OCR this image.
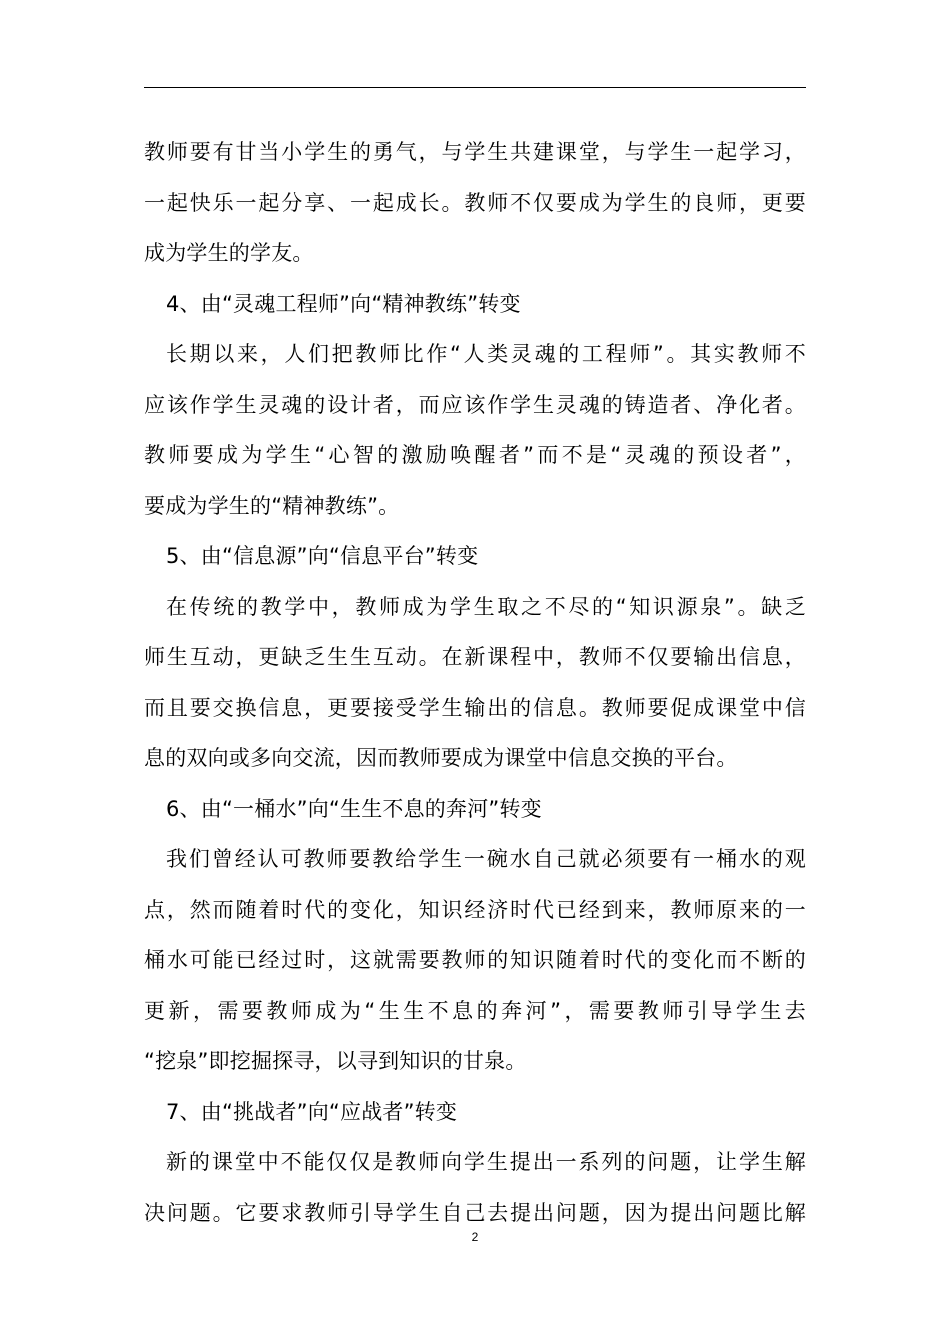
教师要有甘当小学生的勇气，与学生共建课堂，与学生一起学习，
一起快乐一起分享、一起成长。教师不仅要成为学生的良师，更要
成为学生的学友。
4、由“灵魂工程师”向“精神教练”转变
长期以来，人们把教师比作“人类灵魂的工程师”。其实教师不
应该作学生灵魂的设计者，而应该作学生灵魂的铸造者、净化者。
教师要成为学生“心智的激励唤醒者”而不是“灵魂的预设者”，
要成为学生的“精神教练”。
5、由“信息源”向“信息平台”转变
在传统的教学中，教师成为学生取之不尽的“知识源泉”。缺乏
师生互动，更缺乏生生互动。在新课程中，教师不仅要输出信息，
而且要交换信息，更要接受学生输出的信息。教师要促成课堂中信
息的双向或多向交流，因而教师要成为课堂中信息交换的平台。
6、由“一桶水”向“生生不息的奔河”转变
我们曾经认可教师要教给学生一碗水自己就必须要有一桶水的观
点，然而随着时代的变化，知识经济时代已经到来，教师原来的一
桶水可能已经过时，这就需要教师的知识随着时代的变化而不断的
更新，需要教师成为“生生不息的奔河”，需要教师引导学生去
“挖泉”即挖掘探寻，以寻到知识的甘泉。
7、由“挑战者”向“应战者”转变
新的课堂中不能仅仅是教师向学生提出一系列的问题，让学生解
决问题。它要求教师引导学生自己去提出问题，因为提出问题比解
2
